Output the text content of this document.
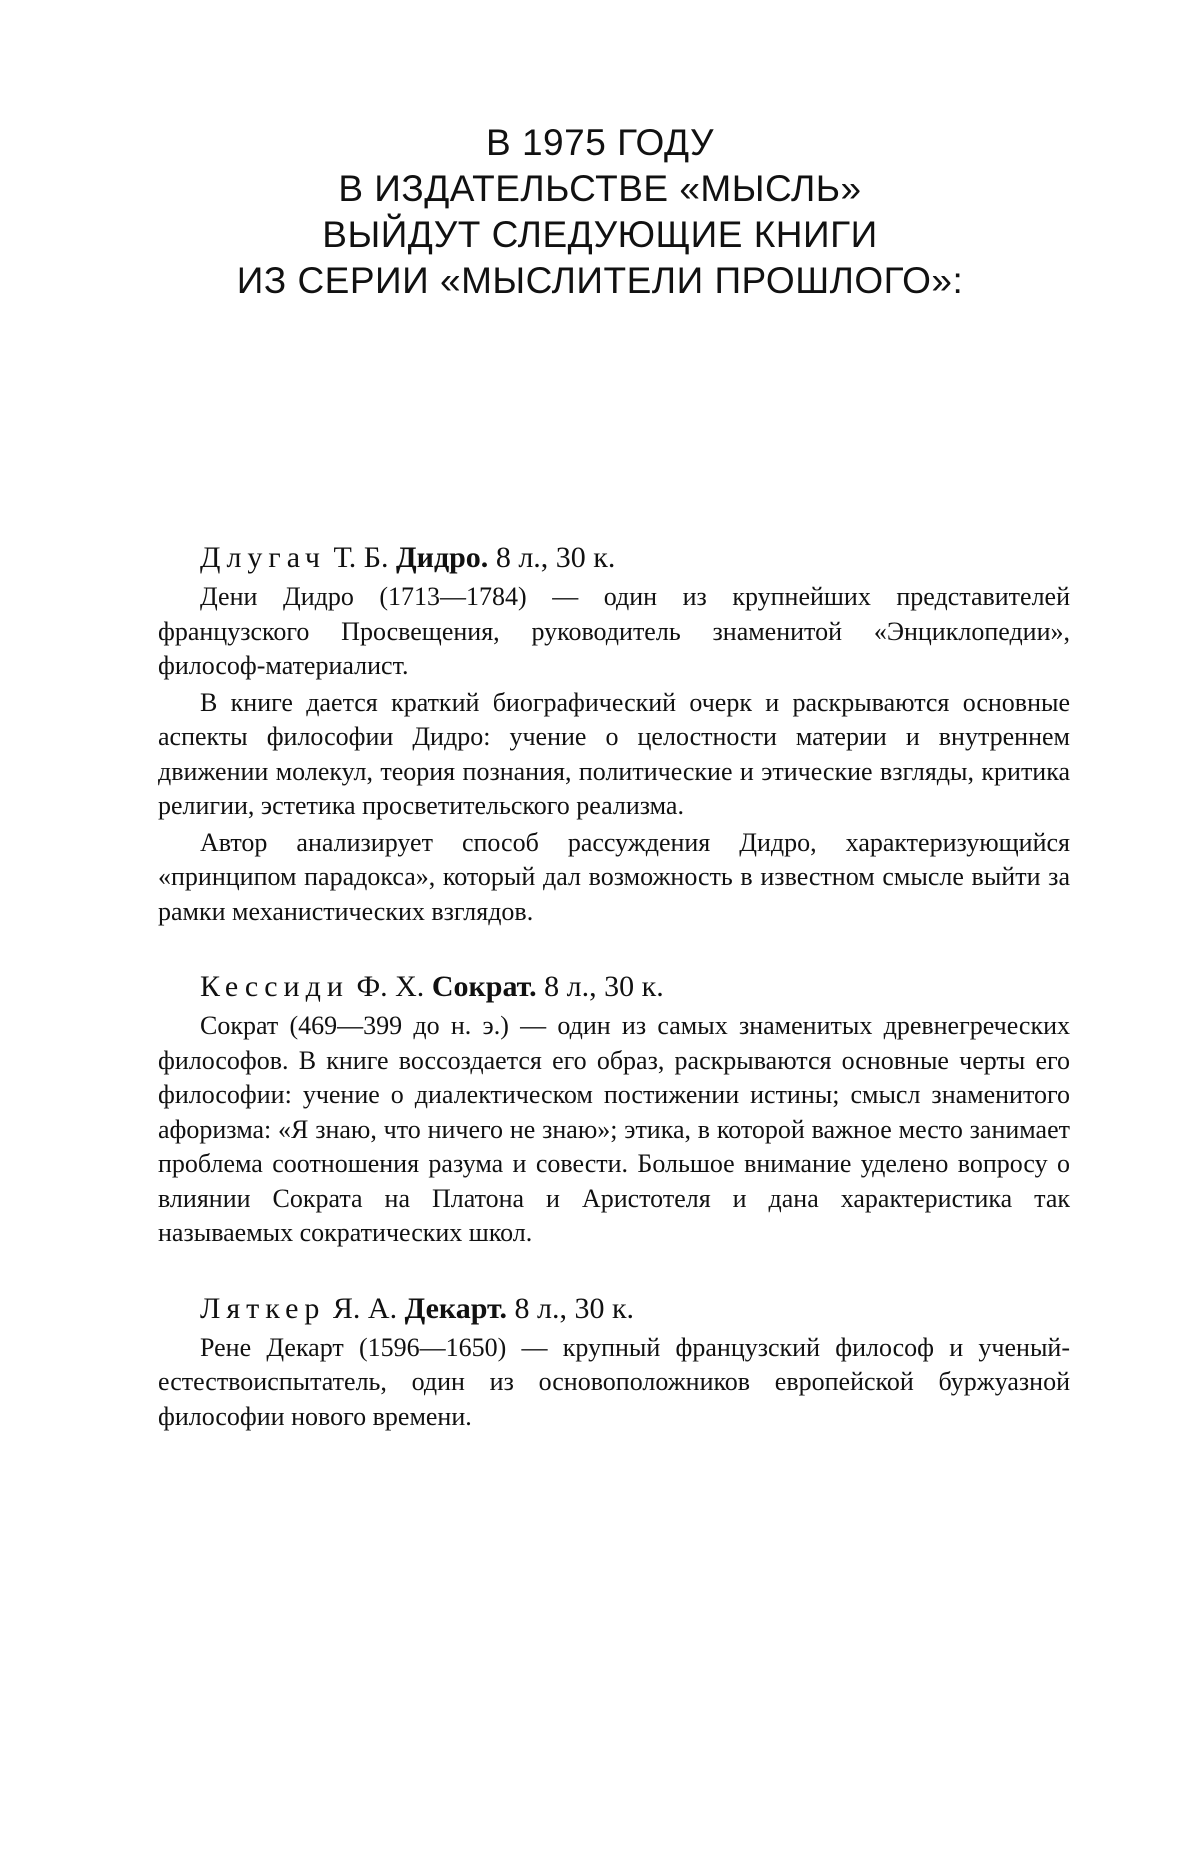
В 1975 ГОДУ
В ИЗДАТЕЛЬСТВЕ «МЫСЛЬ»
ВЫЙДУТ СЛЕДУЮЩИЕ КНИГИ
ИЗ СЕРИИ «МЫСЛИТЕЛИ ПРОШЛОГО»:
Длугач Т. Б. Дидро. 8 л., 30 к.

Дени Дидро (1713—1784) — один из крупнейших представителей французского Просвещения, руководитель знаменитой «Энциклопедии», философ-материалист.

В книге дается краткий биографический очерк и раскрываются основные аспекты философии Дидро: учение о целостности материи и внутреннем движении молекул, теория познания, политические и этические взгляды, критика религии, эстетика просветительского реализма.

Автор анализирует способ рассуждения Дидро, характеризующийся «принципом парадокса», который дал возможность в известном смысле выйти за рамки механистических взглядов.

Кессиди Ф. Х. Сократ. 8 л., 30 к.

Сократ (469—399 до н. э.) — один из самых знаменитых древнегреческих философов. В книге воссоздается его образ, раскрываются основные черты его философии: учение о диалектическом постижении истины; смысл знаменитого афоризма: «Я знаю, что ничего не знаю»; этика, в которой важное место занимает проблема соотношения разума и совести. Большое внимание уделено вопросу о влиянии Сократа на Платона и Аристотеля и дана характеристика так называемых сократических школ.

Ляткер Я. А. Декарт. 8 л., 30 к.

Рене Декарт (1596—1650) — крупный французский философ и ученый-естествоиспытатель, один из основоположников европейской буржуазной философии нового времени.
